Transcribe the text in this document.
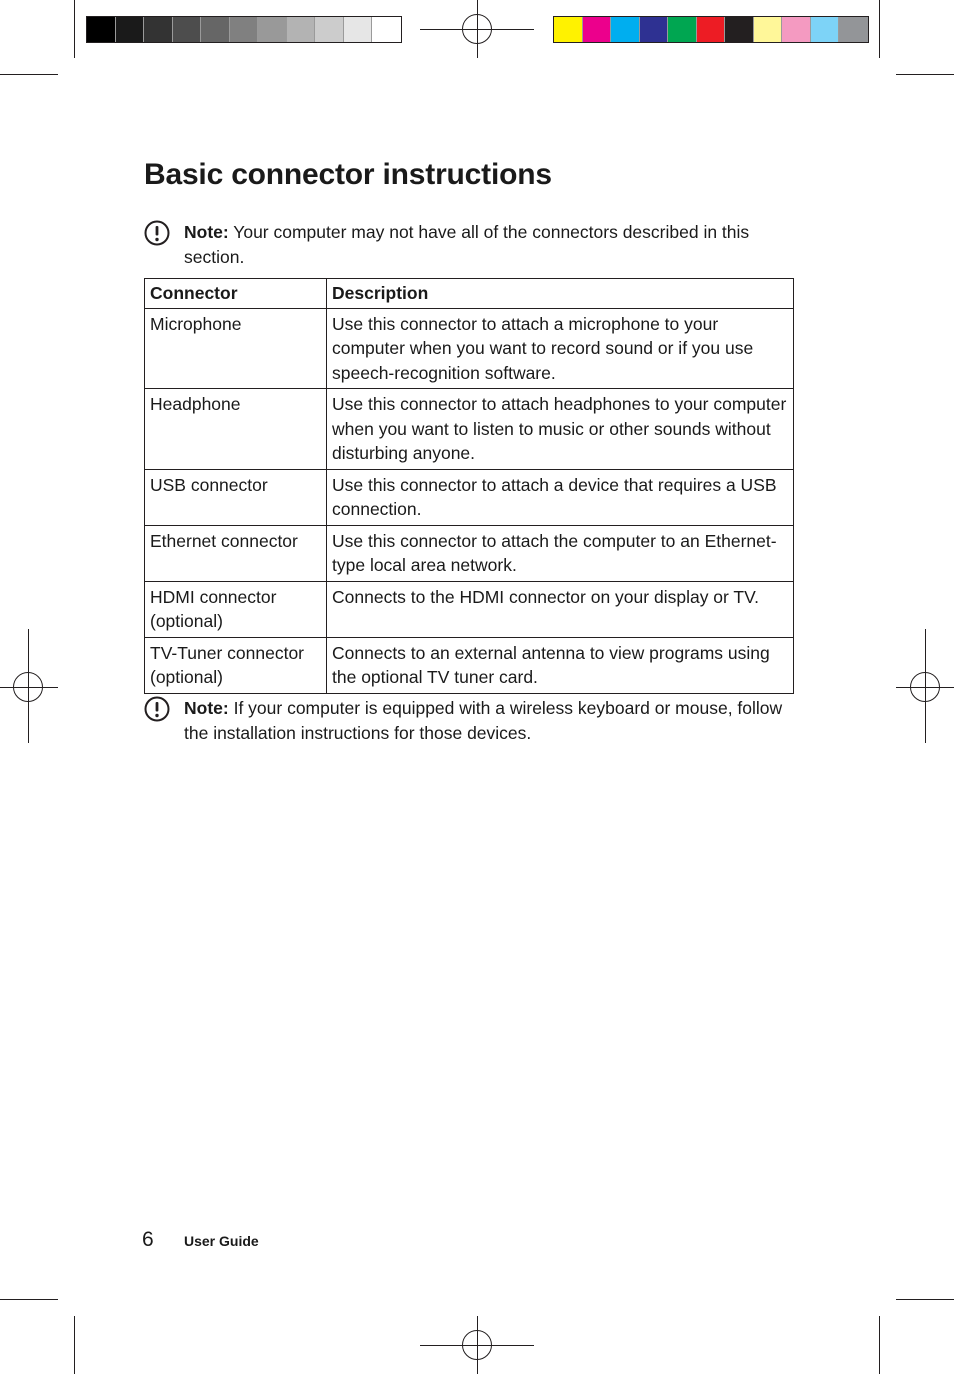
Basic connector instructions
Note: Your computer may not have all of the connectors described in this section.
Connector	Description
Microphone	Use this connector to attach a microphone to your computer when you want to record sound or if you use speech-recognition software.
Headphone	Use this connector to attach headphones to your computer when you want to listen to music or other sounds without disturbing anyone.
USB connector	Use this connector to attach a device that requires a USB connection.
Ethernet connector	Use this connector to attach the computer to an Ethernet-type local area network.
HDMI connector (optional)	Connects to the HDMI connector on your display or TV.
TV-Tuner connector (optional)	Connects to an external antenna to view programs using the optional TV tuner card.
Note: If your computer is equipped with a wireless keyboard or mouse, follow the installation instructions for those devices.
6 User Guide
